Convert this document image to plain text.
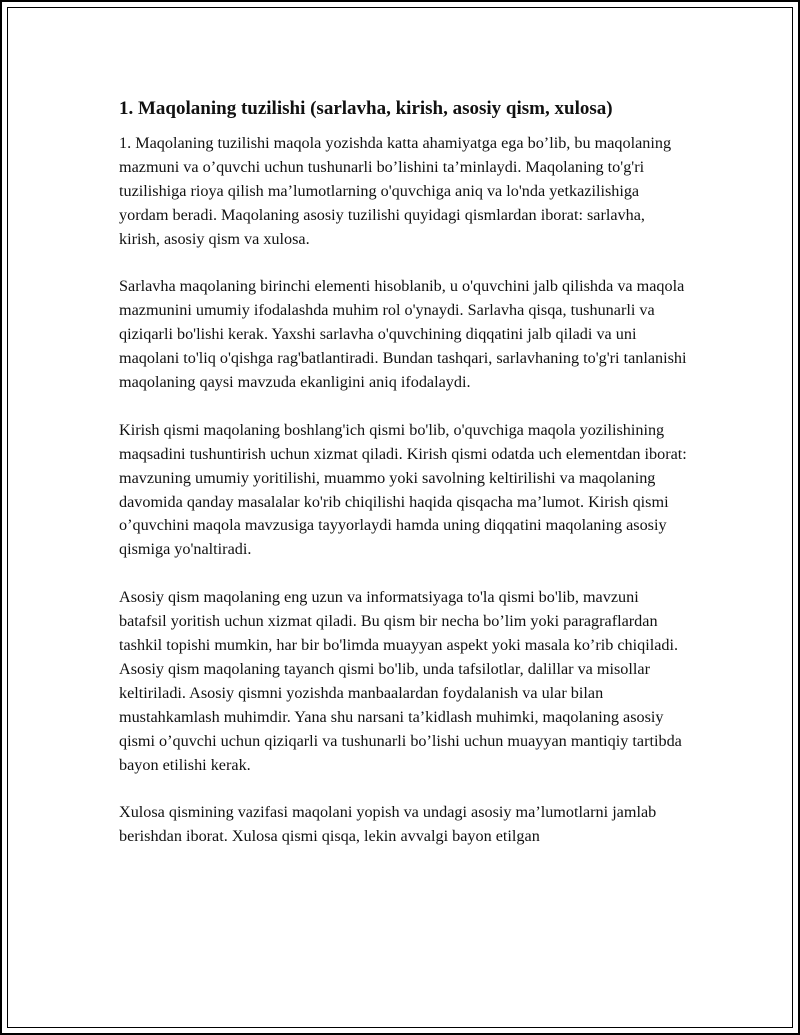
1. Maqolaning tuzilishi (sarlavha, kirish, asosiy qism, xulosa)

1. Maqolaning tuzilishi maqola yozishda katta ahamiyatga ega bo’lib, bu maqolaning mazmuni va o’quvchi uchun tushunarli bo’lishini ta’minlaydi. Maqolaning to'g'ri tuzilishiga rioya qilish ma’lumotlarning o'quvchiga aniq va lo'nda yetkazilishiga yordam beradi. Maqolaning asosiy tuzilishi quyidagi qismlardan iborat: sarlavha, kirish, asosiy qism va xulosa.

Sarlavha maqolaning birinchi elementi hisoblanib, u o'quvchini jalb qilishda va maqola mazmunini umumiy ifodalashda muhim rol o'ynaydi. Sarlavha qisqa, tushunarli va qiziqarli bo'lishi kerak. Yaxshi sarlavha o'quvchining diqqatini jalb qiladi va uni maqolani to'liq o'qishga rag'batlantiradi. Bundan tashqari, sarlavhaning to'g'ri tanlanishi maqolaning qaysi mavzuda ekanligini aniq ifodalaydi.

Kirish qismi maqolaning boshlang'ich qismi bo'lib, o'quvchiga maqola yozilishining maqsadini tushuntirish uchun xizmat qiladi. Kirish qismi odatda uch elementdan iborat: mavzuning umumiy yoritilishi, muammo yoki savolning keltirilishi va maqolaning davomida qanday masalalar ko'rib chiqilishi haqida qisqacha ma’lumot. Kirish qismi o’quvchini maqola mavzusiga tayyorlaydi hamda uning diqqatini maqolaning asosiy qismiga yo'naltiradi.

Asosiy qism maqolaning eng uzun va informatsiyaga to'la qismi bo'lib, mavzuni batafsil yoritish uchun xizmat qiladi. Bu qism bir necha bo’lim yoki paragraflardan tashkil topishi mumkin, har bir bo'limda muayyan aspekt yoki masala ko’rib chiqiladi. Asosiy qism maqolaning tayanch qismi bo'lib, unda tafsilotlar, dalillar va misollar keltiriladi. Asosiy qismni yozishda manbaalardan foydalanish va ular bilan mustahkamlash muhimdir. Yana shu narsani ta’kidlash muhimki, maqolaning asosiy qismi o’quvchi uchun qiziqarli va tushunarli bo’lishi uchun muayyan mantiqiy tartibda bayon etilishi kerak.

Xulosa qismining vazifasi maqolani yopish va undagi asosiy ma’lumotlarni jamlab berishdan iborat. Xulosa qismi qisqa, lekin avvalgi bayon etilgan
